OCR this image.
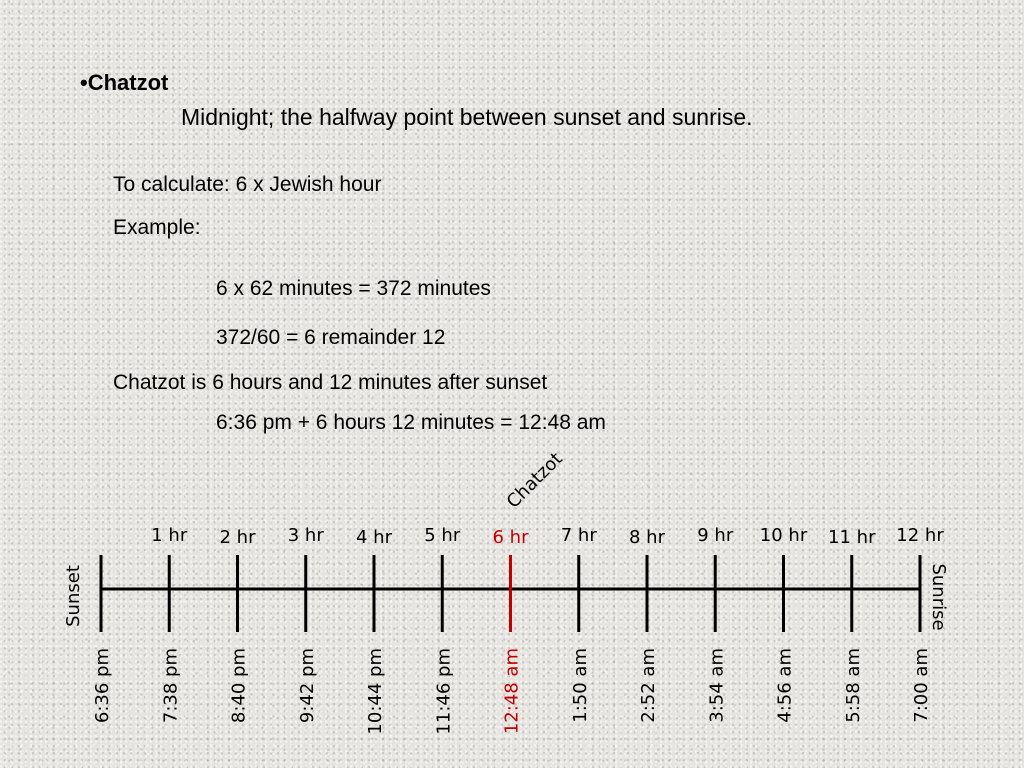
•Chatzot
Midnight; the halfway point between sunset and sunrise.
To calculate: 6 x Jewish hour
Example:
6 x 62 minutes = 372 minutes
372/60 = 6 remainder 12
Chatzot is 6 hours and 12 minutes after sunset
6:36 pm + 6 hours 12 minutes = 12:48 am
Sunset	Sunrise
Chatzot
6:36 pm
1 hr
7:38 pm
2 hr
8:40 pm
3 hr
9:42 pm
4 hr
10:44 pm
5 hr
11:46 pm
6 hr
12:48 am
7 hr
1:50 am
8 hr
2:52 am
9 hr
3:54 am
10 hr
4:56 am
11 hr
5:58 am
12 hr
7:00 am
